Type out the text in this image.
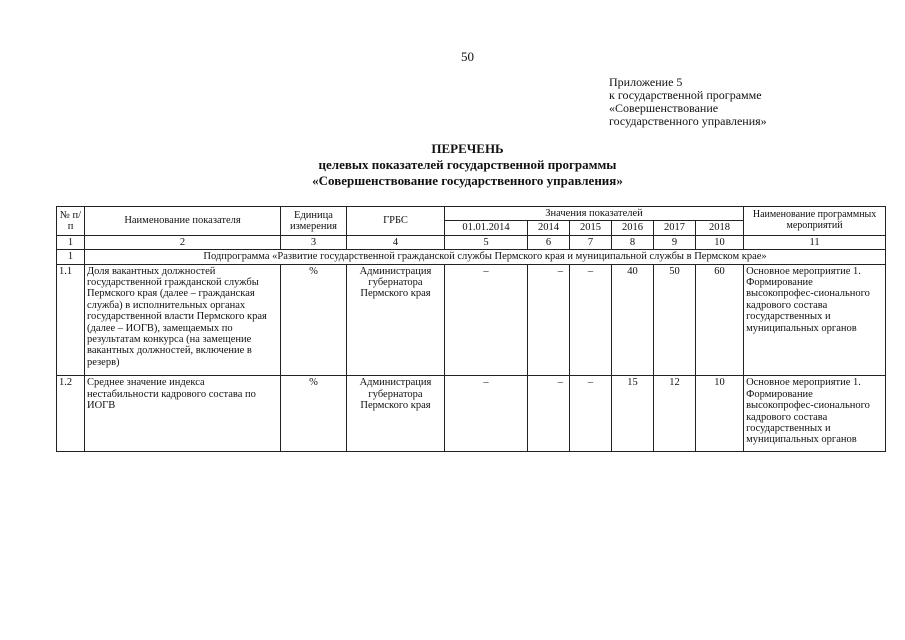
50
Приложение 5
к государственной программе
«Совершенствование
государственного управления»
ПЕРЕЧЕНЬ
целевых показателей государственной программы
«Совершенствование государственного управления»
№ п/п	Наименование показателя	Единица измерения	ГРБС	Значения показателей						Наименование программных мероприятий
				01.01.2014	2014	2015	2016	2017	2018	
1	2	3	4	5	6	7	8	9	10	11
1	Подпрограмма «Развитие государственной гражданской службы Пермского края и муниципальной службы в Пермском крае»									
1.1	Доля вакантных должностей государственной гражданской службы Пермского края (далее – гражданская служба) в исполнительных органах государственной власти Пермского края (далее – ИОГВ), замещаемых по результатам конкурса (на замещение вакантных должностей, включение в резерв)	%	Администрация губернатора Пермского края	–	–	–	40	50	60	Основное мероприятие 1. Формирование высокопрофес-сионального кадрового состава государственных и муниципальных органов

1.2	Среднее значение индекса нестабильности кадрового состава по ИОГВ	%	Администрация губернатора Пермского края	–	–	–	15	12	10	Основное мероприятие 1. Формирование высокопрофес-сионального кадрового состава государственных и муниципальных органов
